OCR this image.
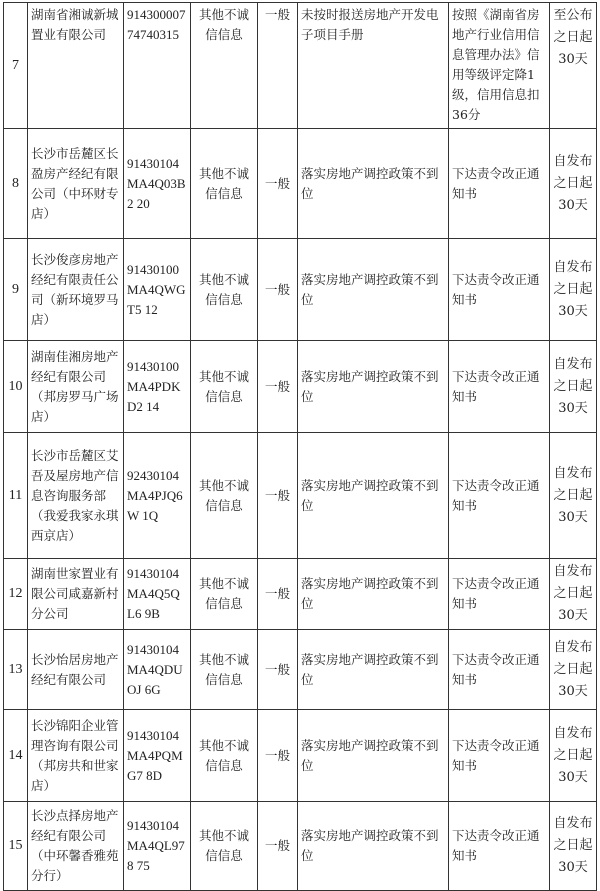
7	湖南省湘诚新城置业有限公司	914300007 74740315	其他不诚信信息	一般	未按时报送房地产开发电子项目手册	按照《湖南省房地产行业信用信息管理办法》信用等级评定降1级，信用信息扣36分	至公布之日起30天
8	长沙市岳麓区长盈房产经纪有限公司（中环财专店）	91430104 MA4Q03B2 20	其他不诚信信息	一般	落实房地产调控政策不到位	下达责令改正通知书	自发布之日起30天
9	长沙俊彦房地产经纪有限责任公司（新环境罗马店）	91430100 MA4QWGT5 12	其他不诚信信息	一般	落实房地产调控政策不到位	下达责令改正通知书	自发布之日起30天
10	湖南佳湘房地产经纪有限公司（邦房罗马广场店）	91430100 MA4PDKD2 14	其他不诚信信息	一般	落实房地产调控政策不到位	下达责令改正通知书	自发布之日起30天
11	长沙市岳麓区艾吾及屋房地产信息咨询服务部（我爱我家永琪西京店）	92430104 MA4PJQ6W 1Q	其他不诚信信息	一般	落实房地产调控政策不到位	下达责令改正通知书	自发布之日起30天
12	湖南世家置业有限公司咸嘉新村分公司	91430104 MA4Q5QL6 9B	其他不诚信信息	一般	落实房地产调控政策不到位	下达责令改正通知书	自发布之日起30天
13	长沙怡居房地产经纪有限公司	91430104 MA4QDUOJ 6G	其他不诚信信息	一般	落实房地产调控政策不到位	下达责令改正通知书	自发布之日起30天
14	长沙锦阳企业管理咨询有限公司（邦房共和世家店）	91430104 MA4PQMG7 8D	其他不诚信信息	一般	落实房地产调控政策不到位	下达责令改正通知书	自发布之日起30天
15	长沙点择房地产经纪有限公司（中环馨香雅苑分行）	91430104 MA4QL978 75	其他不诚信信息	一般	落实房地产调控政策不到位	下达责令改正通知书	自发布之日起30天
